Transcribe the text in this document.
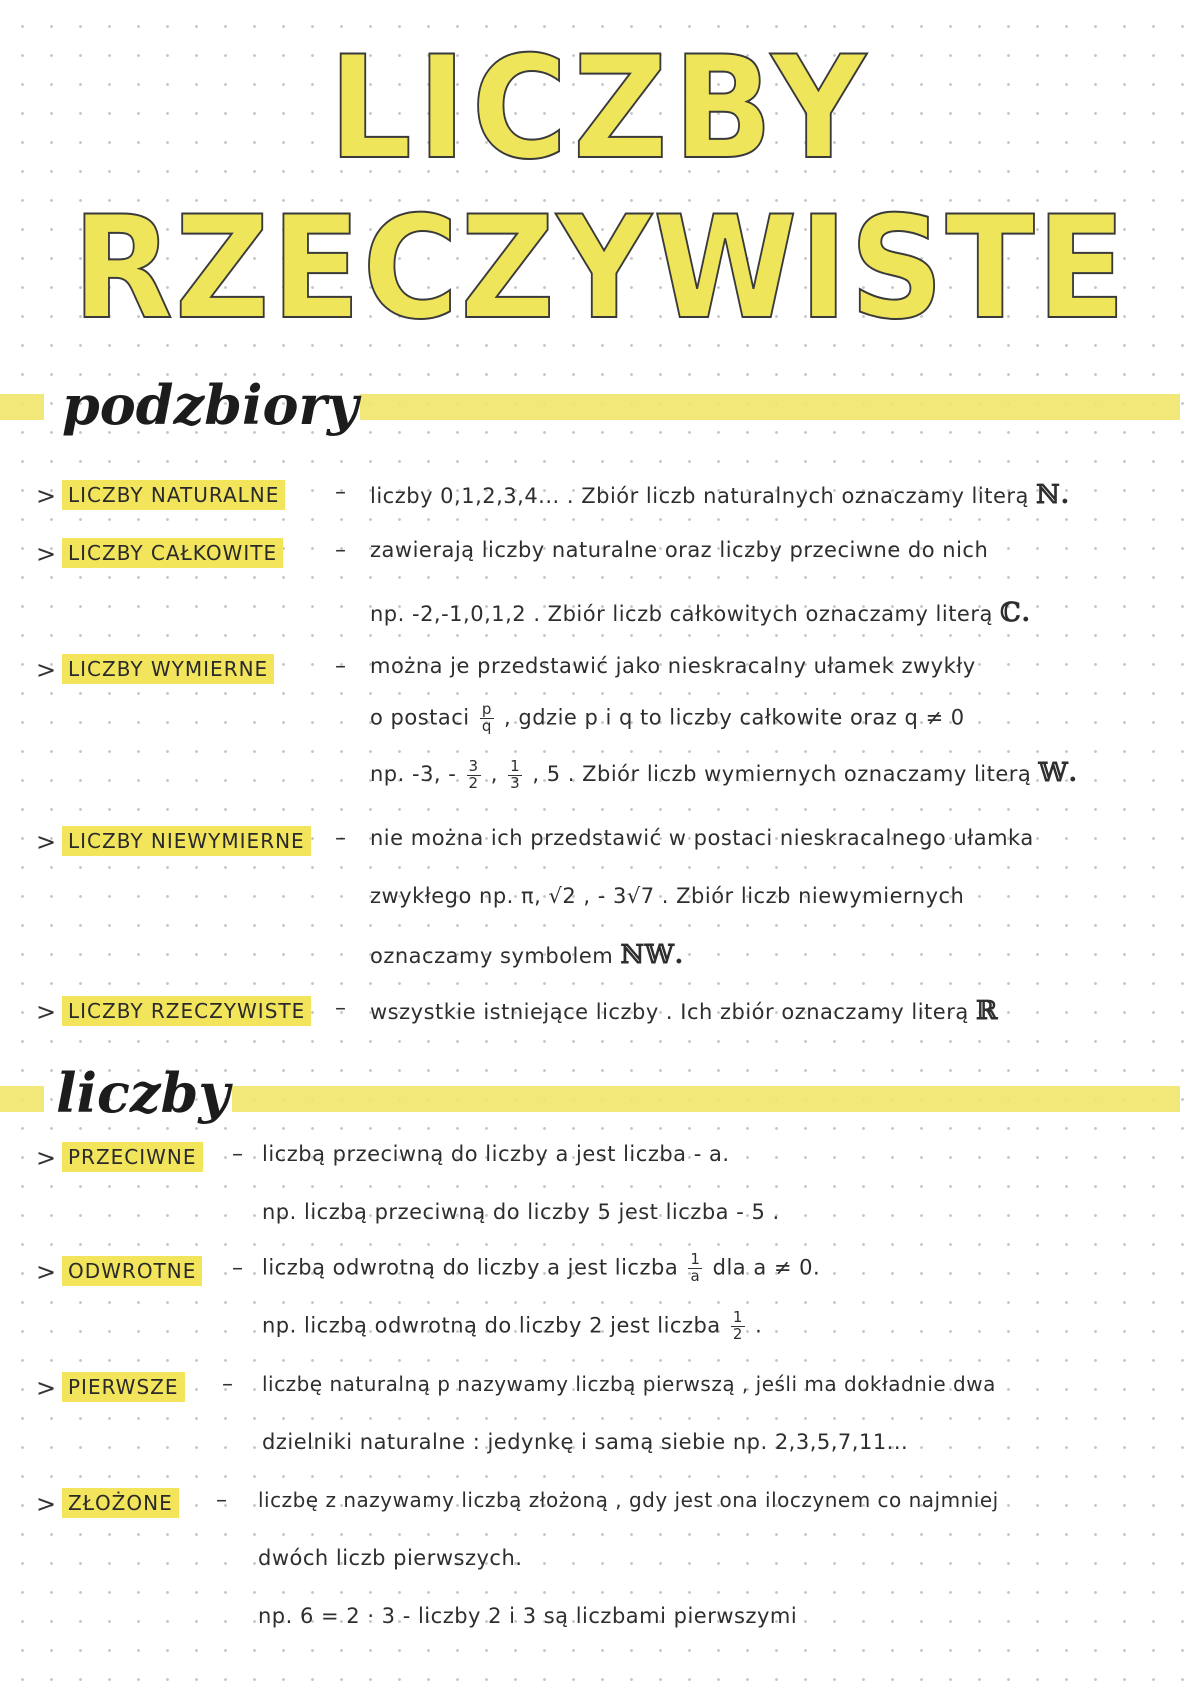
LICZBY
RZECZYWISTE
podzbiory
> LICZBY NATURALNE	– liczby 0,1,2,3,4... . Zbiór liczb naturalnych oznaczamy literą ℕ.
> LICZBY CAŁKOWITE	– zawierają liczby naturalne oraz liczby przeciwne do nich
np. -2,-1,0,1,2 . Zbiór liczb całkowitych oznaczamy literą ℂ.
> LICZBY WYMIERNE	– można je przedstawić jako nieskracalny ułamek zwykły
o postaci $\frac{p}{q}$ , gdzie p i q to liczby całkowite oraz q ≠ 0
np. -3, - $\frac{3}{2}$ , $\frac{1}{3}$ , 5 . Zbiór liczb wymiernych oznaczamy literą 𝕎.
> LICZBY NIEWYMIERNE – nie można ich przedstawić w postaci nieskracalnego ułamka
zwykłego np. π, √2 , - 3√7 . Zbiór liczb niewymiernych
oznaczamy symbolem ℕ𝕎.
> LICZBY RZECZYWISTE – wszystkie istniejące liczby . Ich zbiór oznaczamy literą ℝ
liczby
> PRZECIWNE – liczbą przeciwną do liczby a jest liczba - a.
np. liczbą przeciwną do liczby 5 jest liczba - 5 .
> ODWROTNE – liczbą odwrotną do liczby a jest liczba $\frac{1}{a}$ dla a ≠ 0.
np. liczbą odwrotną do liczby 2 jest liczba $\frac{1}{2}$ .
> PIERWSZE – liczbę naturalną p nazywamy liczbą pierwszą , jeśli ma dokładnie dwa
dzielniki naturalne : jedynkę i samą siebie np. 2,3,5,7,11...
> ZŁOŻONE – liczbę z nazywamy liczbą złożoną , gdy jest ona iloczynem co najmniej
dwóch liczb pierwszych.
np. 6 = 2 · 3 - liczby 2 i 3 są liczbami pierwszymi
